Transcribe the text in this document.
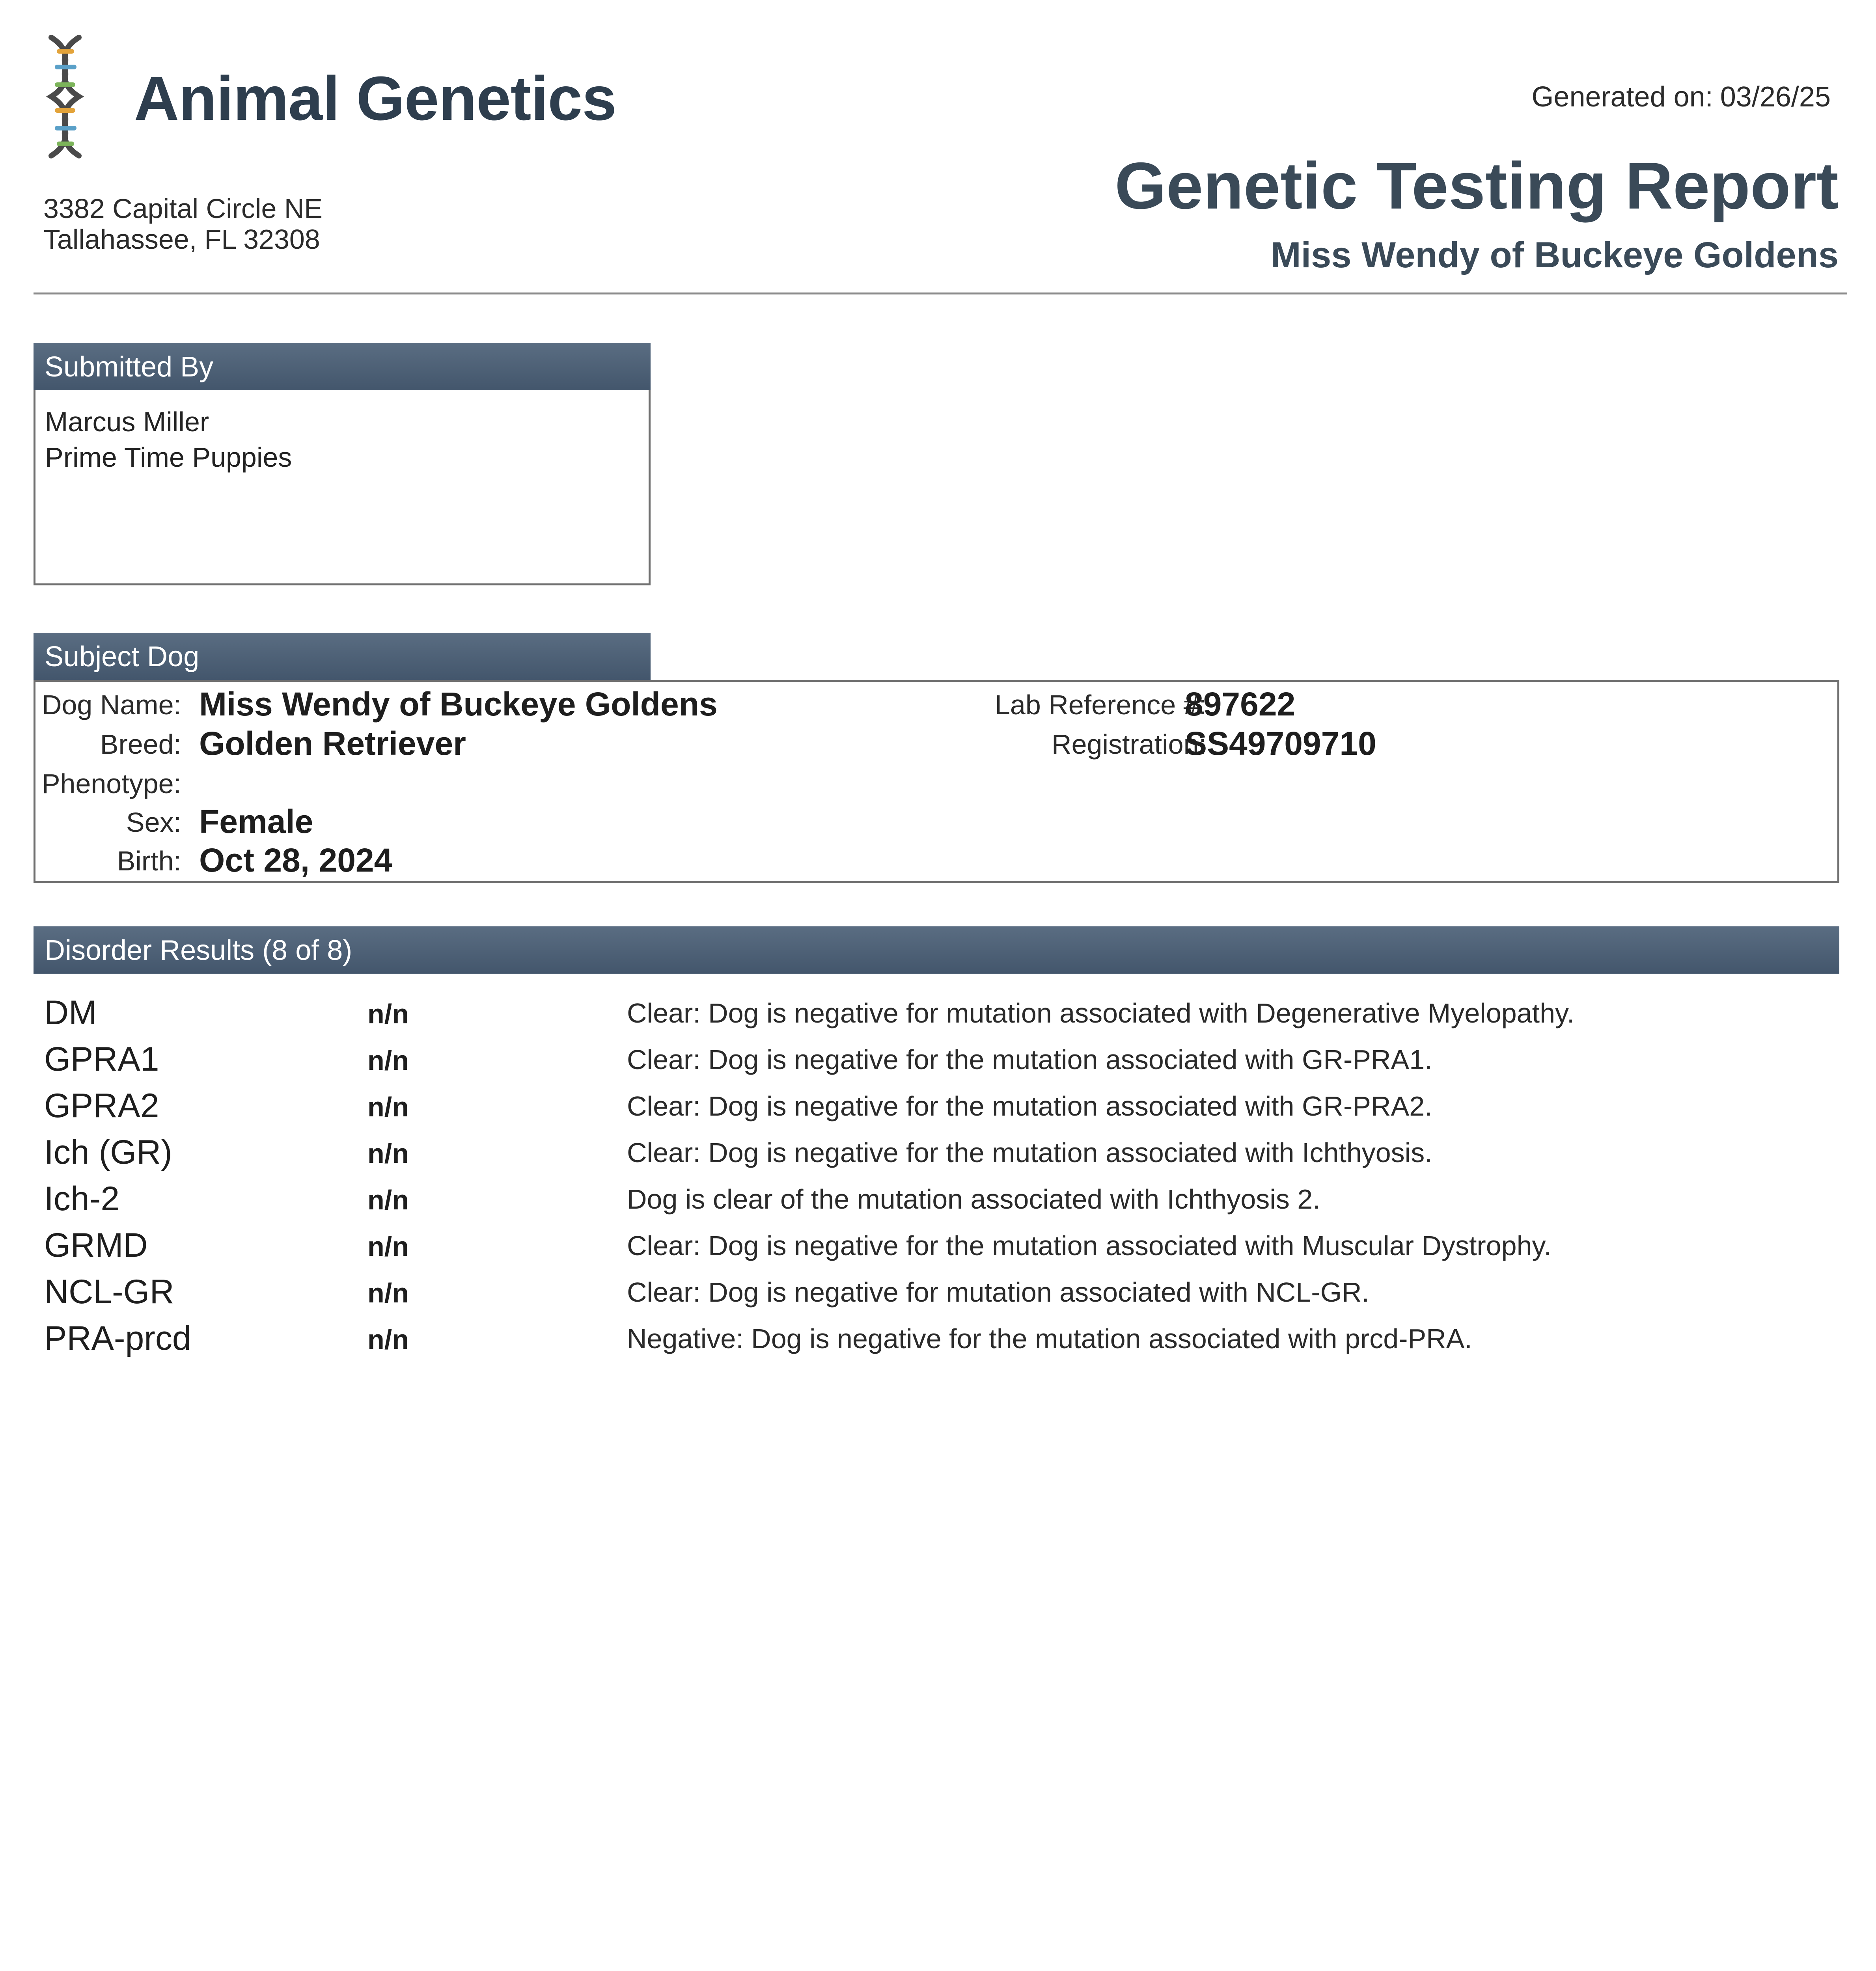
Animal Genetics	Generated on: 03/26/25
3382 Capital Circle NE
Tallahassee, FL 32308
Genetic Testing Report
Miss Wendy of Buckeye Goldens
Submitted By
Marcus Miller
Prime Time Puppies
Subject Dog
Dog Name: Miss Wendy of Buckeye Goldens
Breed: Golden Retriever
Phenotype:
Sex: Female
Birth: Oct 28, 2024
Lab Reference #:
897622
Registration:
SS49709710
Disorder Results (8 of 8)
DM	n/n	Clear: Dog is negative for mutation associated with Degenerative Myelopathy.
GPRA1	n/n	Clear: Dog is negative for the mutation associated with GR-PRA1.
GPRA2	n/n	Clear: Dog is negative for the mutation associated with GR-PRA2.
Ich (GR)	n/n	Clear: Dog is negative for the mutation associated with Ichthyosis.
Ich-2	n/n	Dog is clear of the mutation associated with Ichthyosis 2.
GRMD	n/n	Clear: Dog is negative for the mutation associated with Muscular Dystrophy.
NCL-GR	n/n	Clear: Dog is negative for mutation associated with NCL-GR.
PRA-prcd	n/n	Negative: Dog is negative for the mutation associated with prcd-PRA.
